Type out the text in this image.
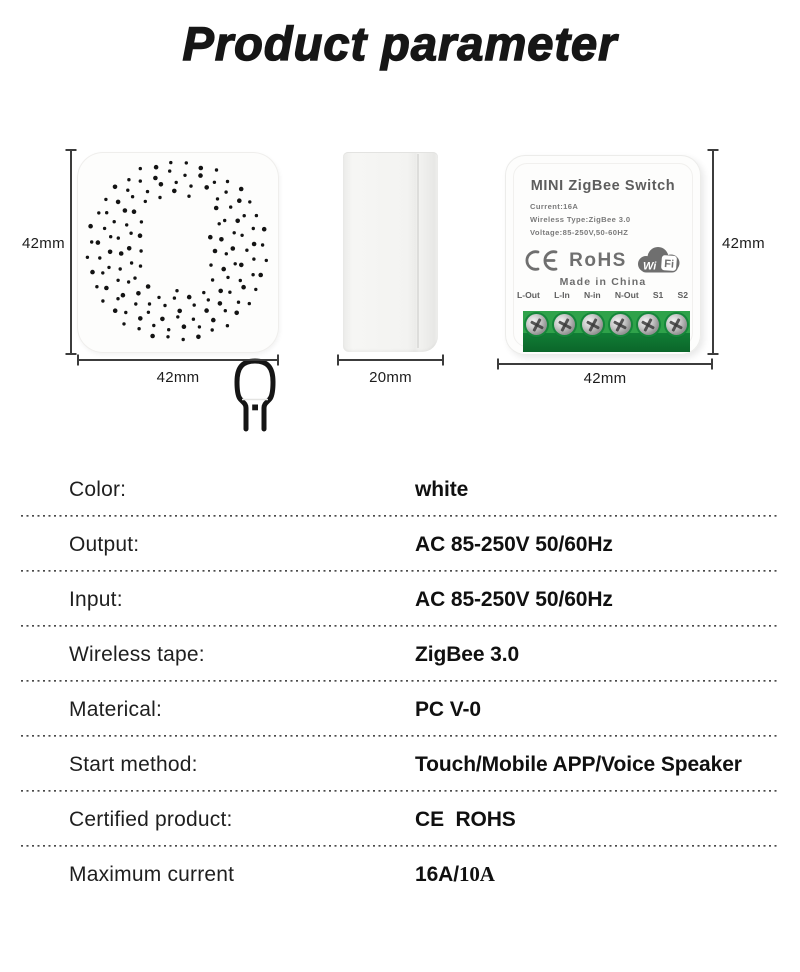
Product parameter
42mm
42mm	20mm
MINI ZigBee Switch
Current:16A
Wireless Type:ZigBee 3.0
Voltage:85-250V,50-60HZ
RoHS Wi Fi
Made in China
L-Out L-In N-in N-Out S1 S2
42mm
42mm
Color:	white
Output:	AC 85-250V 50/60Hz
Input:	AC 85-250V 50/60Hz
Wireless tape:	ZigBee 3.0
Materical:	PC V-0
Start method:	Touch/Mobile APP/Voice Speaker
Certified product:	CE  ROHS
Maximum current	16A/10A
